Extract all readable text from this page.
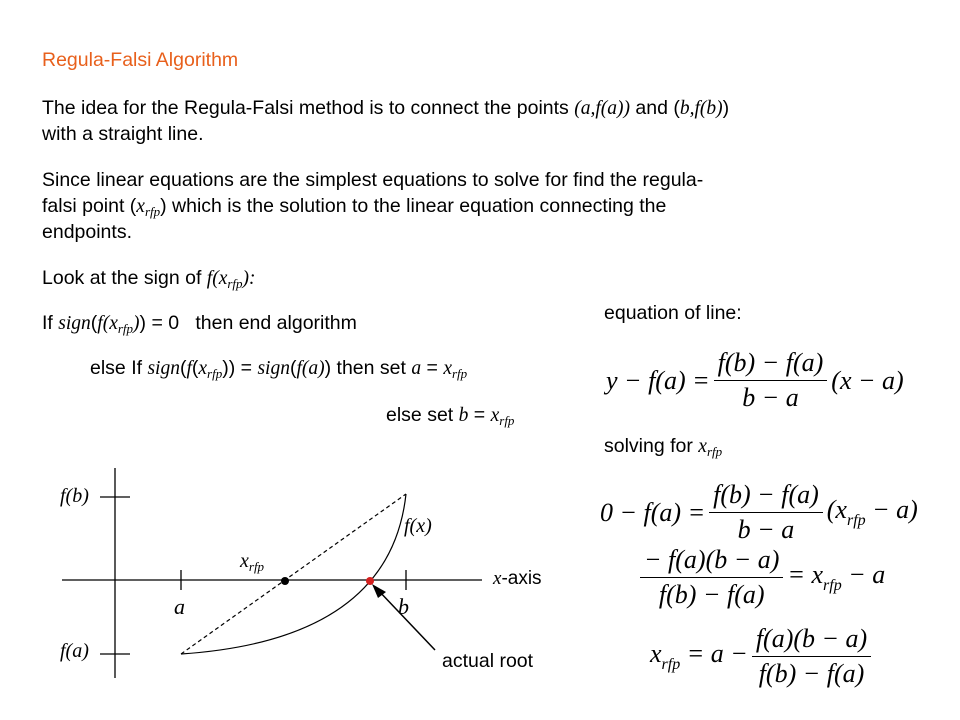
Regula-Falsi Algorithm
The idea for the Regula-Falsi method is to connect the points (a,f(a)) and (b,f(b))
with a straight line.
Since linear equations are the simplest equations to solve for find the regula-
falsi point $(x_{rfp})$ which is the solution to the linear equation connecting the
endpoints.
Look at the sign of $f(x_{rfp})$:
If $sign(f(x_{rfp})) = 0$   then end algorithm
else If $sign(f(x_{rfp}))$ = sign(f(a)) then set $a = x_{rfp}$
else set $b = x_{rfp}$
equation of line:
solving for $x_{rfp}$
$y - f(a) = \frac{f(b) - f(a)}{b - a} (x - a)$
$0 - f(a) = \frac{f(b) - f(a)}{b - a} (x_{rfp} - a)$
$\frac{- f(a)(b - a)}{f(b) - f(a)} = x_{rfp} - a$
$x_{rfp} = a - \frac{f(a)(b - a)}{f(b) - f(a)}$
f(b)
f(a)
f(x)
$x_{rfp}$
x-axis
a	b
actual root
